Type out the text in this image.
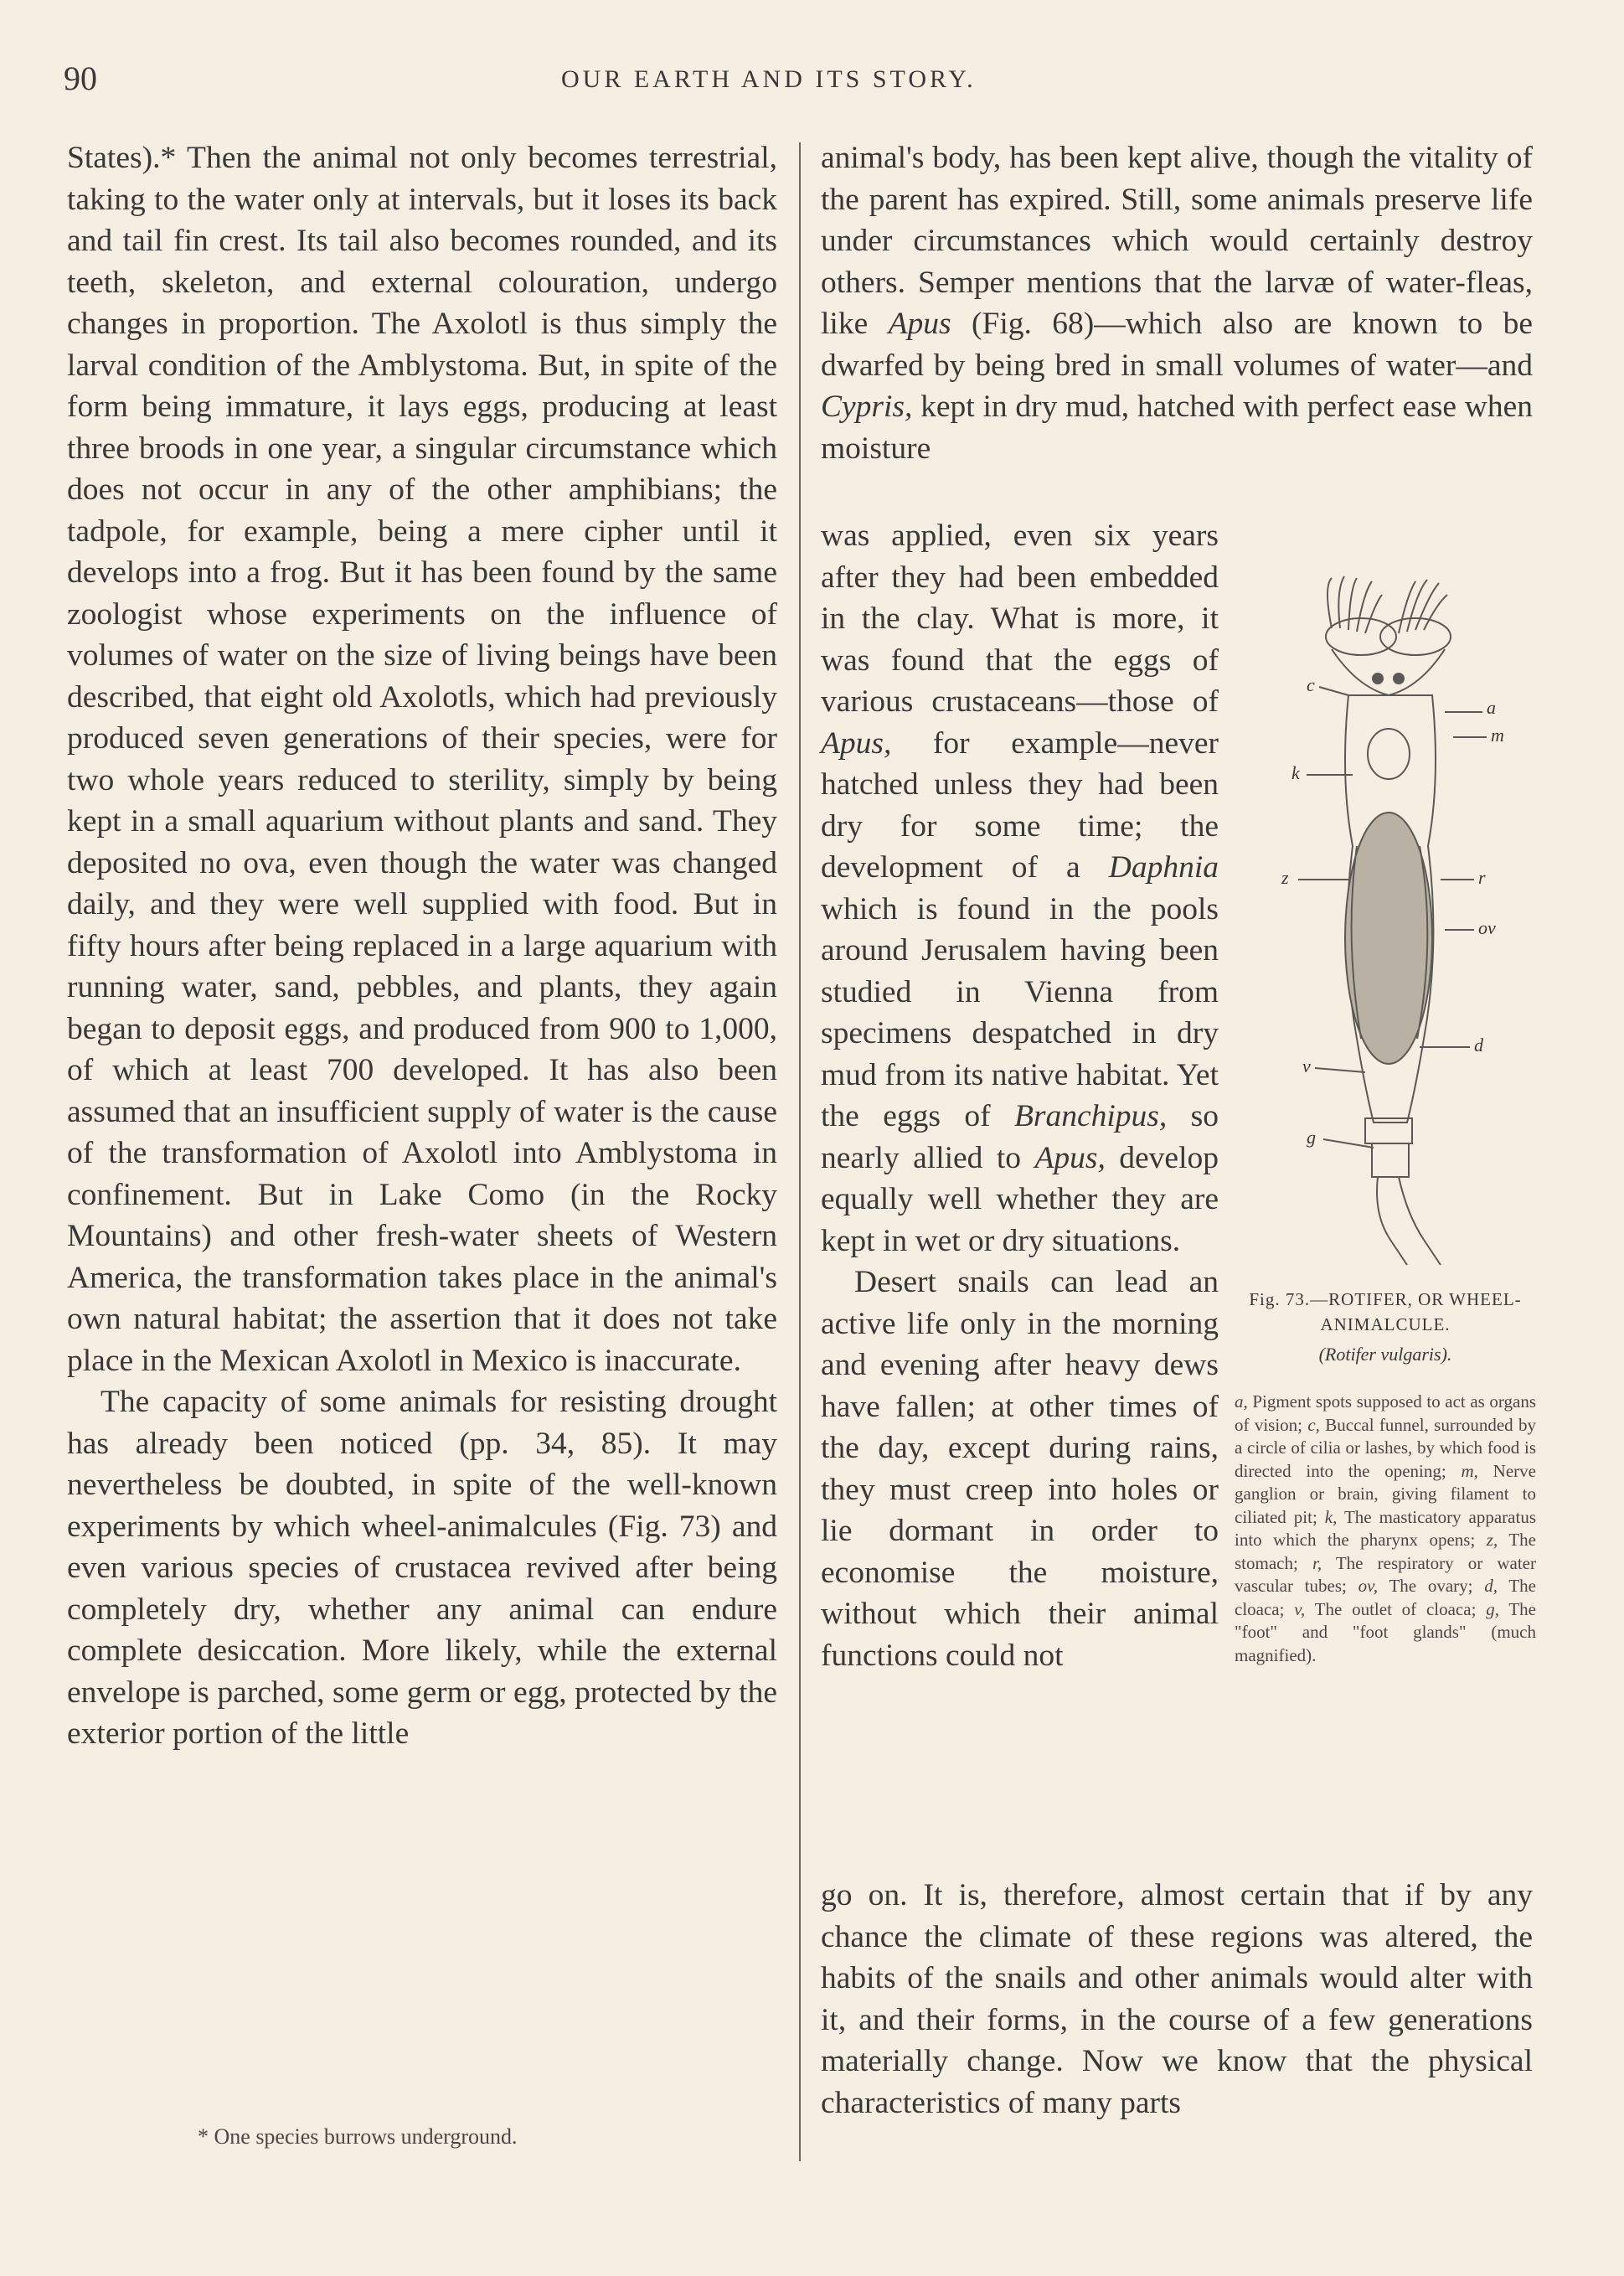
90	OUR EARTH AND ITS STORY.

States).* Then the animal not only becomes terrestrial, taking to the water only at intervals, but it loses its back and tail fin crest. Its tail also becomes rounded, and its teeth, skeleton, and external colouration, undergo changes in proportion. The Axolotl is thus simply the larval condition of the Amblystoma. But, in spite of the form being immature, it lays eggs, producing at least three broods in one year, a singular circumstance which does not occur in any of the other amphibians; the tadpole, for example, being a mere cipher until it develops into a frog. But it has been found by the same zoologist whose experiments on the influence of volumes of water on the size of living beings have been described, that eight old Axolotls, which had previously produced seven generations of their species, were for two whole years reduced to sterility, simply by being kept in a small aquarium without plants and sand. They deposited no ova, even though the water was changed daily, and they were well supplied with food. But in fifty hours after being replaced in a large aquarium with running water, sand, pebbles, and plants, they again began to deposit eggs, and produced from 900 to 1,000, of which at least 700 developed. It has also been assumed that an insufficient supply of water is the cause of the transformation of Axolotl into Amblystoma in confinement. But in Lake Como (in the Rocky Mountains) and other fresh-water sheets of Western America, the transformation takes place in the animal's own natural habitat; the assertion that it does not take place in the Mexican Axolotl in Mexico is inaccurate.

The capacity of some animals for resisting drought has already been noticed (pp. 34, 85). It may nevertheless be doubted, in spite of the well-known experiments by which wheel-animalcules (Fig. 73) and even various species of crustacea revived after being completely dry, whether any animal can endure complete desiccation. More likely, while the external envelope is parched, some germ or egg, protected by the exterior portion of the little

* One species burrows underground.

animal's body, has been kept alive, though the vitality of the parent has expired. Still, some animals preserve life under circumstances which would certainly destroy others. Semper mentions that the larvæ of water-fleas, like Apus (Fig. 68)—which also are known to be dwarfed by being bred in small volumes of water—and Cypris, kept in dry mud, hatched with perfect ease when moisture

was applied, even six years after they had been embedded in the clay. What is more, it was found that the eggs of various crustaceans—those of Apus, for example—never hatched unless they had been dry for some time; the development of a Daphnia which is found in the pools around Jerusalem having been studied in Vienna from specimens despatched in dry mud from its native habitat. Yet the eggs of Branchipus, so nearly allied to Apus, develop equally well whether they are kept in wet or dry situations.

Desert snails can lead an active life only in the morning and evening after heavy dews have fallen; at other times of the day, except during rains, they must creep into holes or lie dormant in order to economise the moisture, without which their animal functions could not

c
a
m
k
z	r
ov
d
v
g
Fig. 73.—ROTIFER, OR WHEEL-ANIMALCULE.
(Rotifer vulgaris).
a, Pigment spots supposed to act as organs of vision; c, Buccal funnel, surrounded by a circle of cilia or lashes, by which food is directed into the opening; m, Nerve ganglion or brain, giving filament to ciliated pit; k, The masticatory apparatus into which the pharynx opens; z, The stomach; r, The respiratory or water vascular tubes; ov, The ovary; d, The cloaca; v, The outlet of cloaca; g, The "foot" and "foot glands" (much magnified).

go on. It is, therefore, almost certain that if by any chance the climate of these regions was altered, the habits of the snails and other animals would alter with it, and their forms, in the course of a few generations materially change. Now we know that the physical characteristics of many parts
